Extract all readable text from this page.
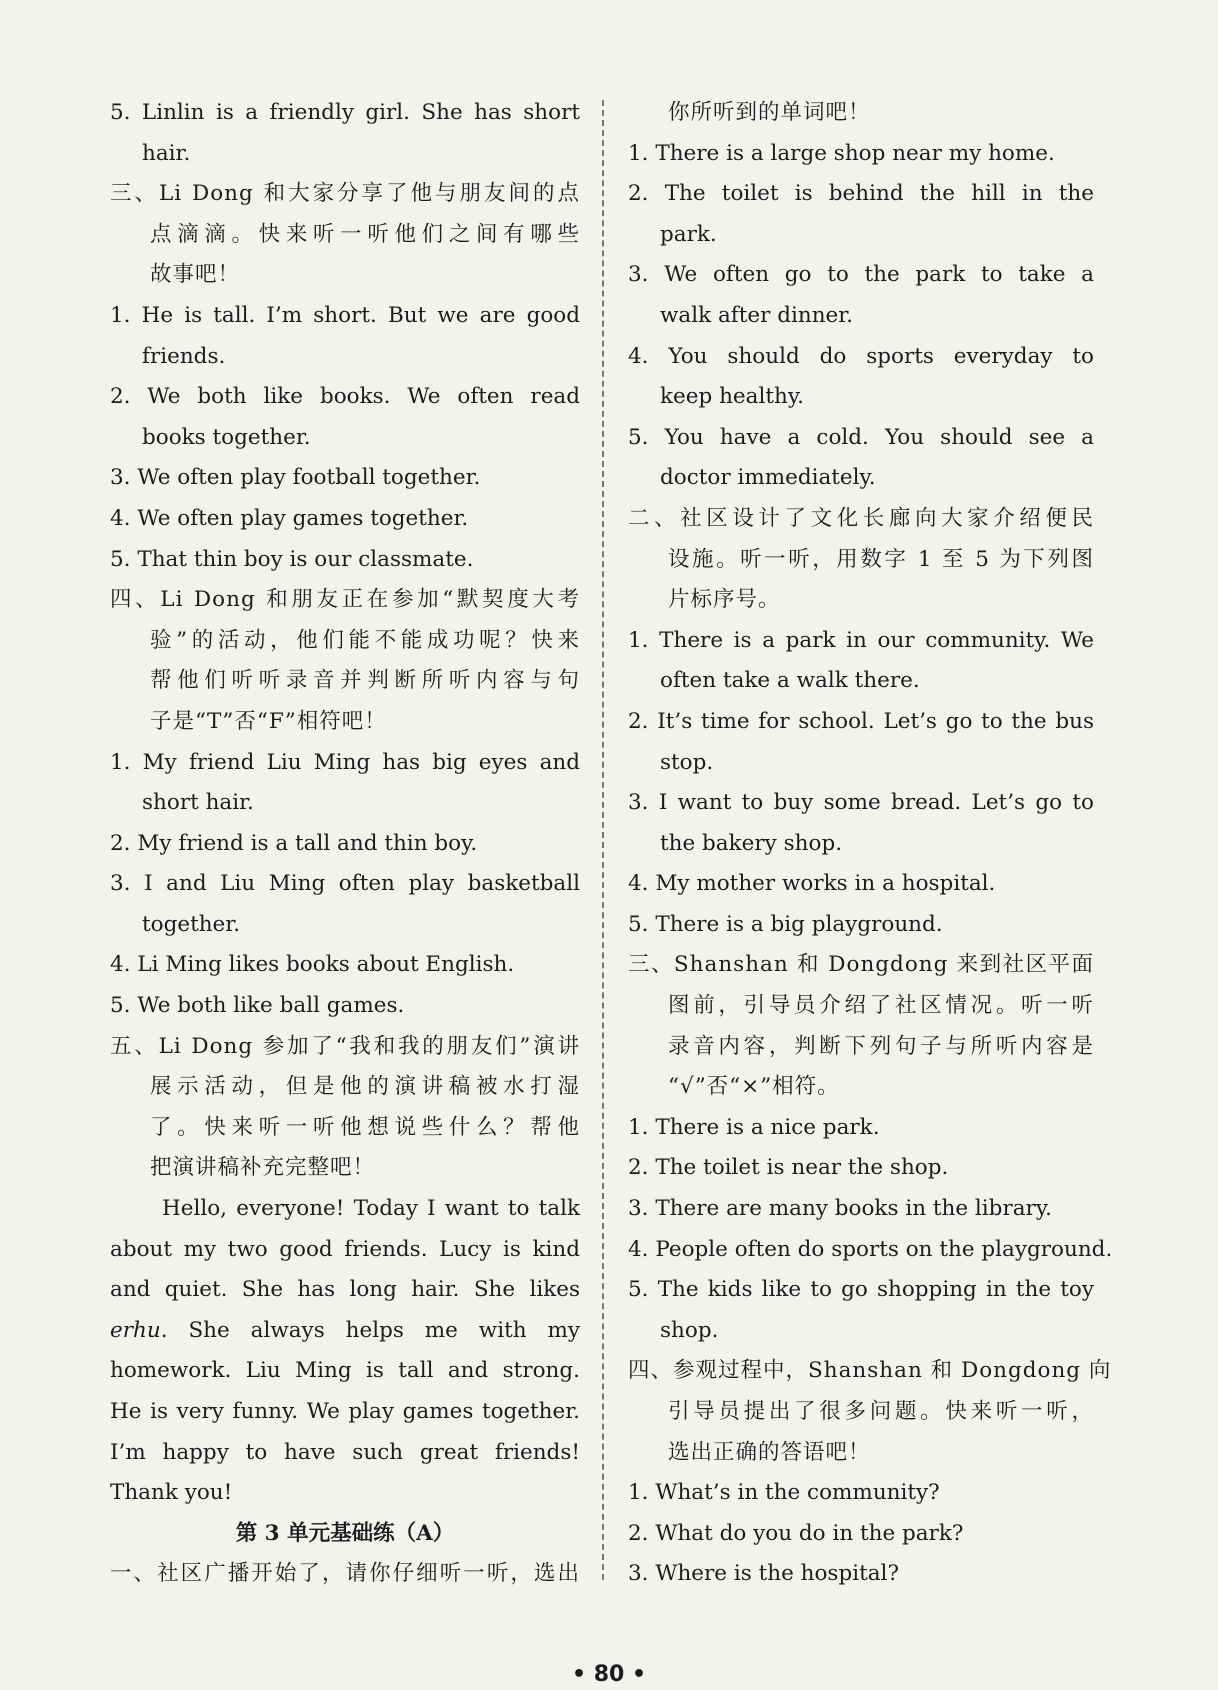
5. Linlin is a friendly girl. She has short
hair.
三、Li Dong 和大家分享了他与朋友间的点
点滴滴。快来听一听他们之间有哪些
故事吧！
1. He is tall. I’m short. But we are good
friends.
2. We both like books. We often read
books together.
3. We often play football together.
4. We often play games together.
5. That thin boy is our classmate.
四、Li Dong 和朋友正在参加“默契度大考
验”的活动，他们能不能成功呢？快来
帮他们听听录音并判断所听内容与句
子是“T”否“F”相符吧！
1. My friend Liu Ming has big eyes and
short hair.
2. My friend is a tall and thin boy.
3. I and Liu Ming often play basketball
together.
4. Li Ming likes books about English.
5. We both like ball games.
五、Li Dong 参加了“我和我的朋友们”演讲
展示活动，但是他的演讲稿被水打湿
了。快来听一听他想说些什么？帮他
把演讲稿补充完整吧！
Hello, everyone! Today I want to talk
about my two good friends. Lucy is kind
and quiet. She has long hair. She likes
erhu. She always helps me with my
homework. Liu Ming is tall and strong.
He is very funny. We play games together.
I’m happy to have such great friends!
Thank you!
第 3 单元基础练（A）
一、社区广播开始了，请你仔细听一听，选出
你所听到的单词吧！
1. There is a large shop near my home.
2. The toilet is behind the hill in the
park.
3. We often go to the park to take a
walk after dinner.
4. You should do sports everyday to
keep healthy.
5. You have a cold. You should see a
doctor immediately.
二、社区设计了文化长廊向大家介绍便民
设施。听一听，用数字 1 至 5 为下列图
片标序号。
1. There is a park in our community. We
often take a walk there.
2. It’s time for school. Let’s go to the bus
stop.
3. I want to buy some bread. Let’s go to
the bakery shop.
4. My mother works in a hospital.
5. There is a big playground.
三、Shanshan 和 Dongdong 来到社区平面
图前，引导员介绍了社区情况。听一听
录音内容，判断下列句子与所听内容是
“√”否“×”相符。
1. There is a nice park.
2. The toilet is near the shop.
3. There are many books in the library.
4. People often do sports on the playground.
5. The kids like to go shopping in the toy
shop.
四、参观过程中，Shanshan 和 Dongdong 向
引导员提出了很多问题。快来听一听，
选出正确的答语吧！
1. What’s in the community?
2. What do you do in the park?
3. Where is the hospital?
• 80 •
